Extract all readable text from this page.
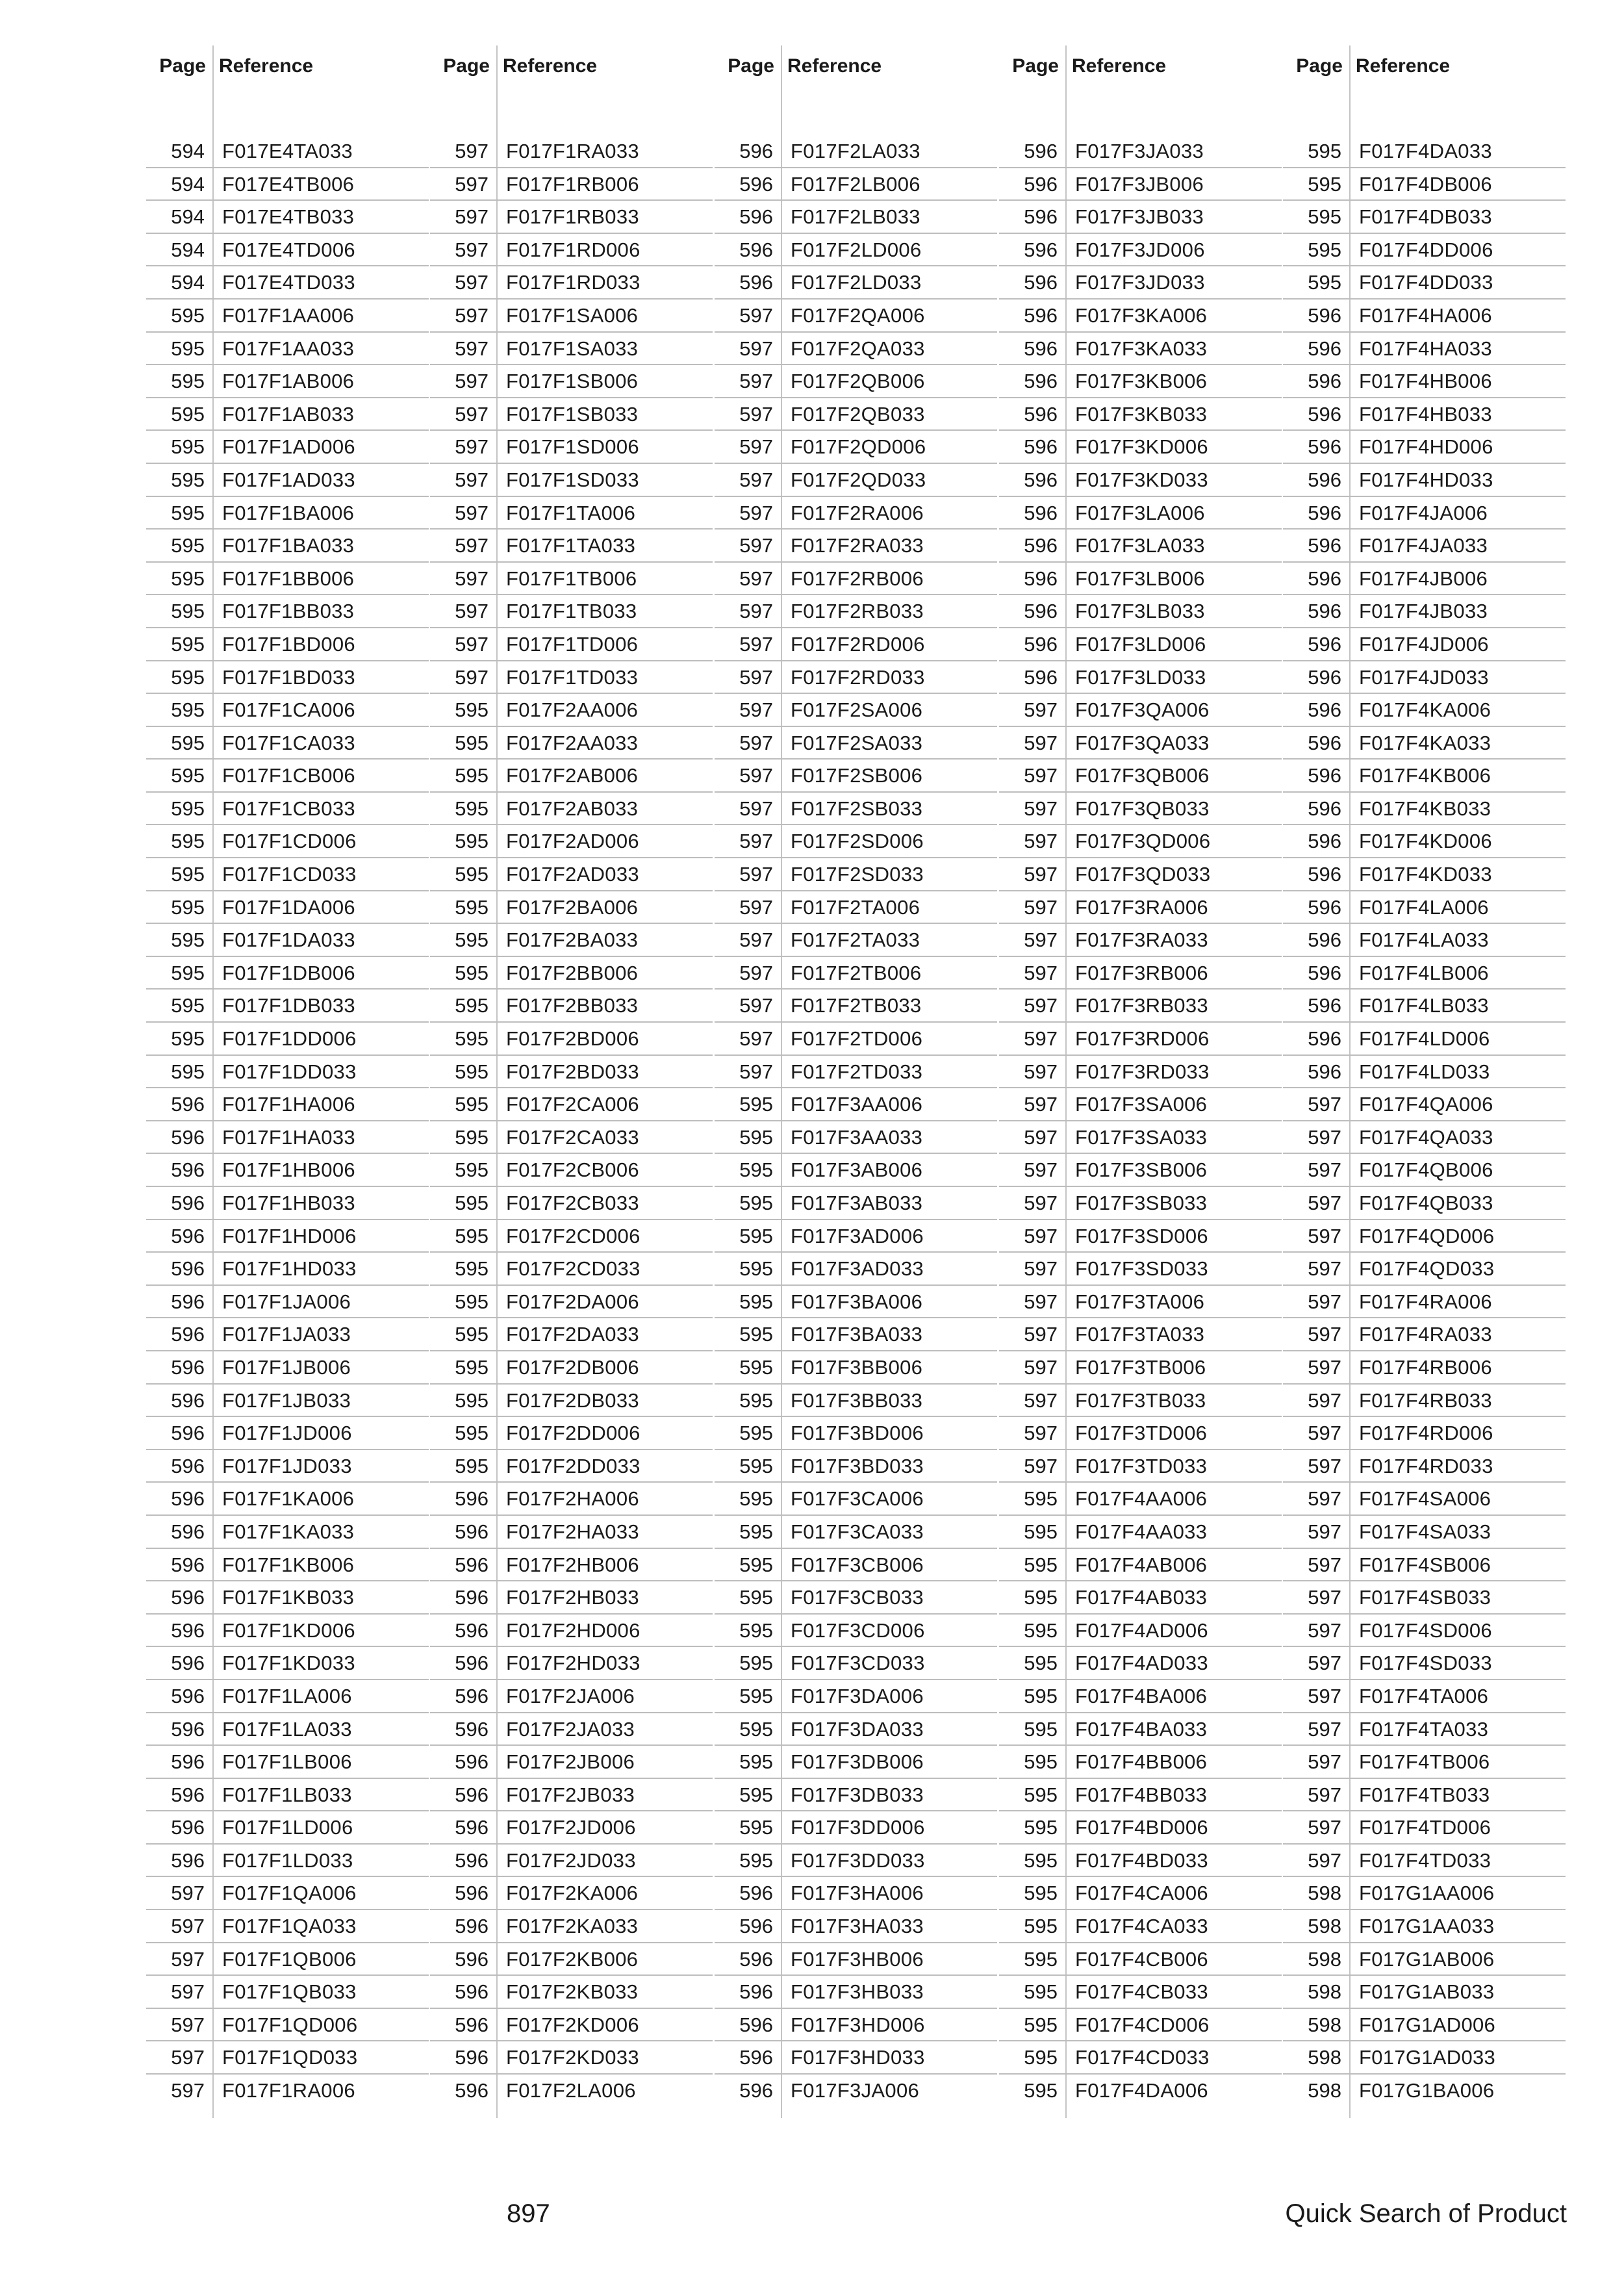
Page Reference
594 F017E4TA033
594 F017E4TB006
594 F017E4TB033
594 F017E4TD006
594 F017E4TD033
595 F017F1AA006
595 F017F1AA033
595 F017F1AB006
595 F017F1AB033
595 F017F1AD006
595 F017F1AD033
595 F017F1BA006
595 F017F1BA033
595 F017F1BB006
595 F017F1BB033
595 F017F1BD006
595 F017F1BD033
595 F017F1CA006
595 F017F1CA033
595 F017F1CB006
595 F017F1CB033
595 F017F1CD006
595 F017F1CD033
595 F017F1DA006
595 F017F1DA033
595 F017F1DB006
595 F017F1DB033
595 F017F1DD006
595 F017F1DD033
596 F017F1HA006
596 F017F1HA033
596 F017F1HB006
596 F017F1HB033
596 F017F1HD006
596 F017F1HD033
596 F017F1JA006
596 F017F1JA033
596 F017F1JB006
596 F017F1JB033
596 F017F1JD006
596 F017F1JD033
596 F017F1KA006
596 F017F1KA033
596 F017F1KB006
596 F017F1KB033
596 F017F1KD006
596 F017F1KD033
596 F017F1LA006
596 F017F1LA033
596 F017F1LB006
596 F017F1LB033
596 F017F1LD006
596 F017F1LD033
597 F017F1QA006
597 F017F1QA033
597 F017F1QB006
597 F017F1QB033
597 F017F1QD006
597 F017F1QD033
597 F017F1RA006
Page Reference
597 F017F1RA033
597 F017F1RB006
597 F017F1RB033
597 F017F1RD006
597 F017F1RD033
597 F017F1SA006
597 F017F1SA033
597 F017F1SB006
597 F017F1SB033
597 F017F1SD006
597 F017F1SD033
597 F017F1TA006
597 F017F1TA033
597 F017F1TB006
597 F017F1TB033
597 F017F1TD006
597 F017F1TD033
595 F017F2AA006
595 F017F2AA033
595 F017F2AB006
595 F017F2AB033
595 F017F2AD006
595 F017F2AD033
595 F017F2BA006
595 F017F2BA033
595 F017F2BB006
595 F017F2BB033
595 F017F2BD006
595 F017F2BD033
595 F017F2CA006
595 F017F2CA033
595 F017F2CB006
595 F017F2CB033
595 F017F2CD006
595 F017F2CD033
595 F017F2DA006
595 F017F2DA033
595 F017F2DB006
595 F017F2DB033
595 F017F2DD006
595 F017F2DD033
596 F017F2HA006
596 F017F2HA033
596 F017F2HB006
596 F017F2HB033
596 F017F2HD006
596 F017F2HD033
596 F017F2JA006
596 F017F2JA033
596 F017F2JB006
596 F017F2JB033
596 F017F2JD006
596 F017F2JD033
596 F017F2KA006
596 F017F2KA033
596 F017F2KB006
596 F017F2KB033
596 F017F2KD006
596 F017F2KD033
596 F017F2LA006
Page Reference
596 F017F2LA033
596 F017F2LB006
596 F017F2LB033
596 F017F2LD006
596 F017F2LD033
597 F017F2QA006
597 F017F2QA033
597 F017F2QB006
597 F017F2QB033
597 F017F2QD006
597 F017F2QD033
597 F017F2RA006
597 F017F2RA033
597 F017F2RB006
597 F017F2RB033
597 F017F2RD006
597 F017F2RD033
597 F017F2SA006
597 F017F2SA033
597 F017F2SB006
597 F017F2SB033
597 F017F2SD006
597 F017F2SD033
597 F017F2TA006
597 F017F2TA033
597 F017F2TB006
597 F017F2TB033
597 F017F2TD006
597 F017F2TD033
595 F017F3AA006
595 F017F3AA033
595 F017F3AB006
595 F017F3AB033
595 F017F3AD006
595 F017F3AD033
595 F017F3BA006
595 F017F3BA033
595 F017F3BB006
595 F017F3BB033
595 F017F3BD006
595 F017F3BD033
595 F017F3CA006
595 F017F3CA033
595 F017F3CB006
595 F017F3CB033
595 F017F3CD006
595 F017F3CD033
595 F017F3DA006
595 F017F3DA033
595 F017F3DB006
595 F017F3DB033
595 F017F3DD006
595 F017F3DD033
596 F017F3HA006
596 F017F3HA033
596 F017F3HB006
596 F017F3HB033
596 F017F3HD006
596 F017F3HD033
596 F017F3JA006
Page Reference
596 F017F3JA033
596 F017F3JB006
596 F017F3JB033
596 F017F3JD006
596 F017F3JD033
596 F017F3KA006
596 F017F3KA033
596 F017F3KB006
596 F017F3KB033
596 F017F3KD006
596 F017F3KD033
596 F017F3LA006
596 F017F3LA033
596 F017F3LB006
596 F017F3LB033
596 F017F3LD006
596 F017F3LD033
597 F017F3QA006
597 F017F3QA033
597 F017F3QB006
597 F017F3QB033
597 F017F3QD006
597 F017F3QD033
597 F017F3RA006
597 F017F3RA033
597 F017F3RB006
597 F017F3RB033
597 F017F3RD006
597 F017F3RD033
597 F017F3SA006
597 F017F3SA033
597 F017F3SB006
597 F017F3SB033
597 F017F3SD006
597 F017F3SD033
597 F017F3TA006
597 F017F3TA033
597 F017F3TB006
597 F017F3TB033
597 F017F3TD006
597 F017F3TD033
595 F017F4AA006
595 F017F4AA033
595 F017F4AB006
595 F017F4AB033
595 F017F4AD006
595 F017F4AD033
595 F017F4BA006
595 F017F4BA033
595 F017F4BB006
595 F017F4BB033
595 F017F4BD006
595 F017F4BD033
595 F017F4CA006
595 F017F4CA033
595 F017F4CB006
595 F017F4CB033
595 F017F4CD006
595 F017F4CD033
595 F017F4DA006
Page Reference
595 F017F4DA033
595 F017F4DB006
595 F017F4DB033
595 F017F4DD006
595 F017F4DD033
596 F017F4HA006
596 F017F4HA033
596 F017F4HB006
596 F017F4HB033
596 F017F4HD006
596 F017F4HD033
596 F017F4JA006
596 F017F4JA033
596 F017F4JB006
596 F017F4JB033
596 F017F4JD006
596 F017F4JD033
596 F017F4KA006
596 F017F4KA033
596 F017F4KB006
596 F017F4KB033
596 F017F4KD006
596 F017F4KD033
596 F017F4LA006
596 F017F4LA033
596 F017F4LB006
596 F017F4LB033
596 F017F4LD006
596 F017F4LD033
597 F017F4QA006
597 F017F4QA033
597 F017F4QB006
597 F017F4QB033
597 F017F4QD006
597 F017F4QD033
597 F017F4RA006
597 F017F4RA033
597 F017F4RB006
597 F017F4RB033
597 F017F4RD006
597 F017F4RD033
597 F017F4SA006
597 F017F4SA033
597 F017F4SB006
597 F017F4SB033
597 F017F4SD006
597 F017F4SD033
597 F017F4TA006
597 F017F4TA033
597 F017F4TB006
597 F017F4TB033
597 F017F4TD006
597 F017F4TD033
598 F017G1AA006
598 F017G1AA033
598 F017G1AB006
598 F017G1AB033
598 F017G1AD006
598 F017G1AD033
598 F017G1BA006
897	Quick Search of Product
